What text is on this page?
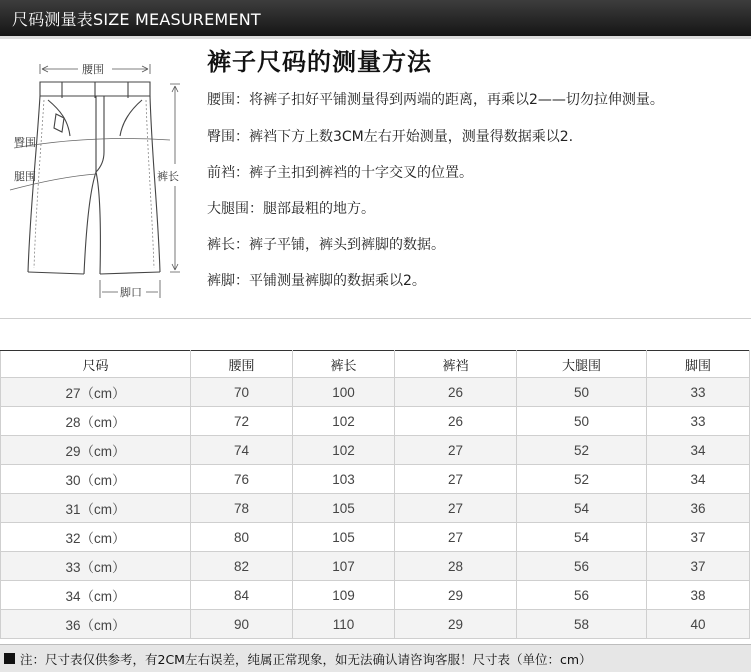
尺码测量表SIZE MEASUREMENT
腰围
臀围
腿围	裤长
脚口
裤子尺码的测量方法
腰围：将裤子扣好平铺测量得到两端的距离，再乘以2——切勿拉伸测量。
臀围：裤裆下方上数3CM左右开始测量，测量得数据乘以2.
前裆：裤子主扣到裤裆的十字交叉的位置。
大腿围：腿部最粗的地方。
裤长：裤子平铺，裤头到裤脚的数据。
裤脚：平铺测量裤脚的数据乘以2。
尺码	腰围	裤长	裤裆	大腿围	脚围
27（cm）	70	100	26	50	33
28（cm）	72	102	26	50	33
29（cm）	74	102	27	52	34
30（cm）	76	103	27	52	34
31（cm）	78	105	27	54	36
32（cm）	80	105	27	54	37
33（cm）	82	107	28	56	37
34（cm）	84	109	29	56	38
36（cm）	90	110	29	58	40
注：尺寸表仅供参考，有2CM左右误差，纯属正常现象，如无法确认请咨询客服！尺寸表（单位：cm）
